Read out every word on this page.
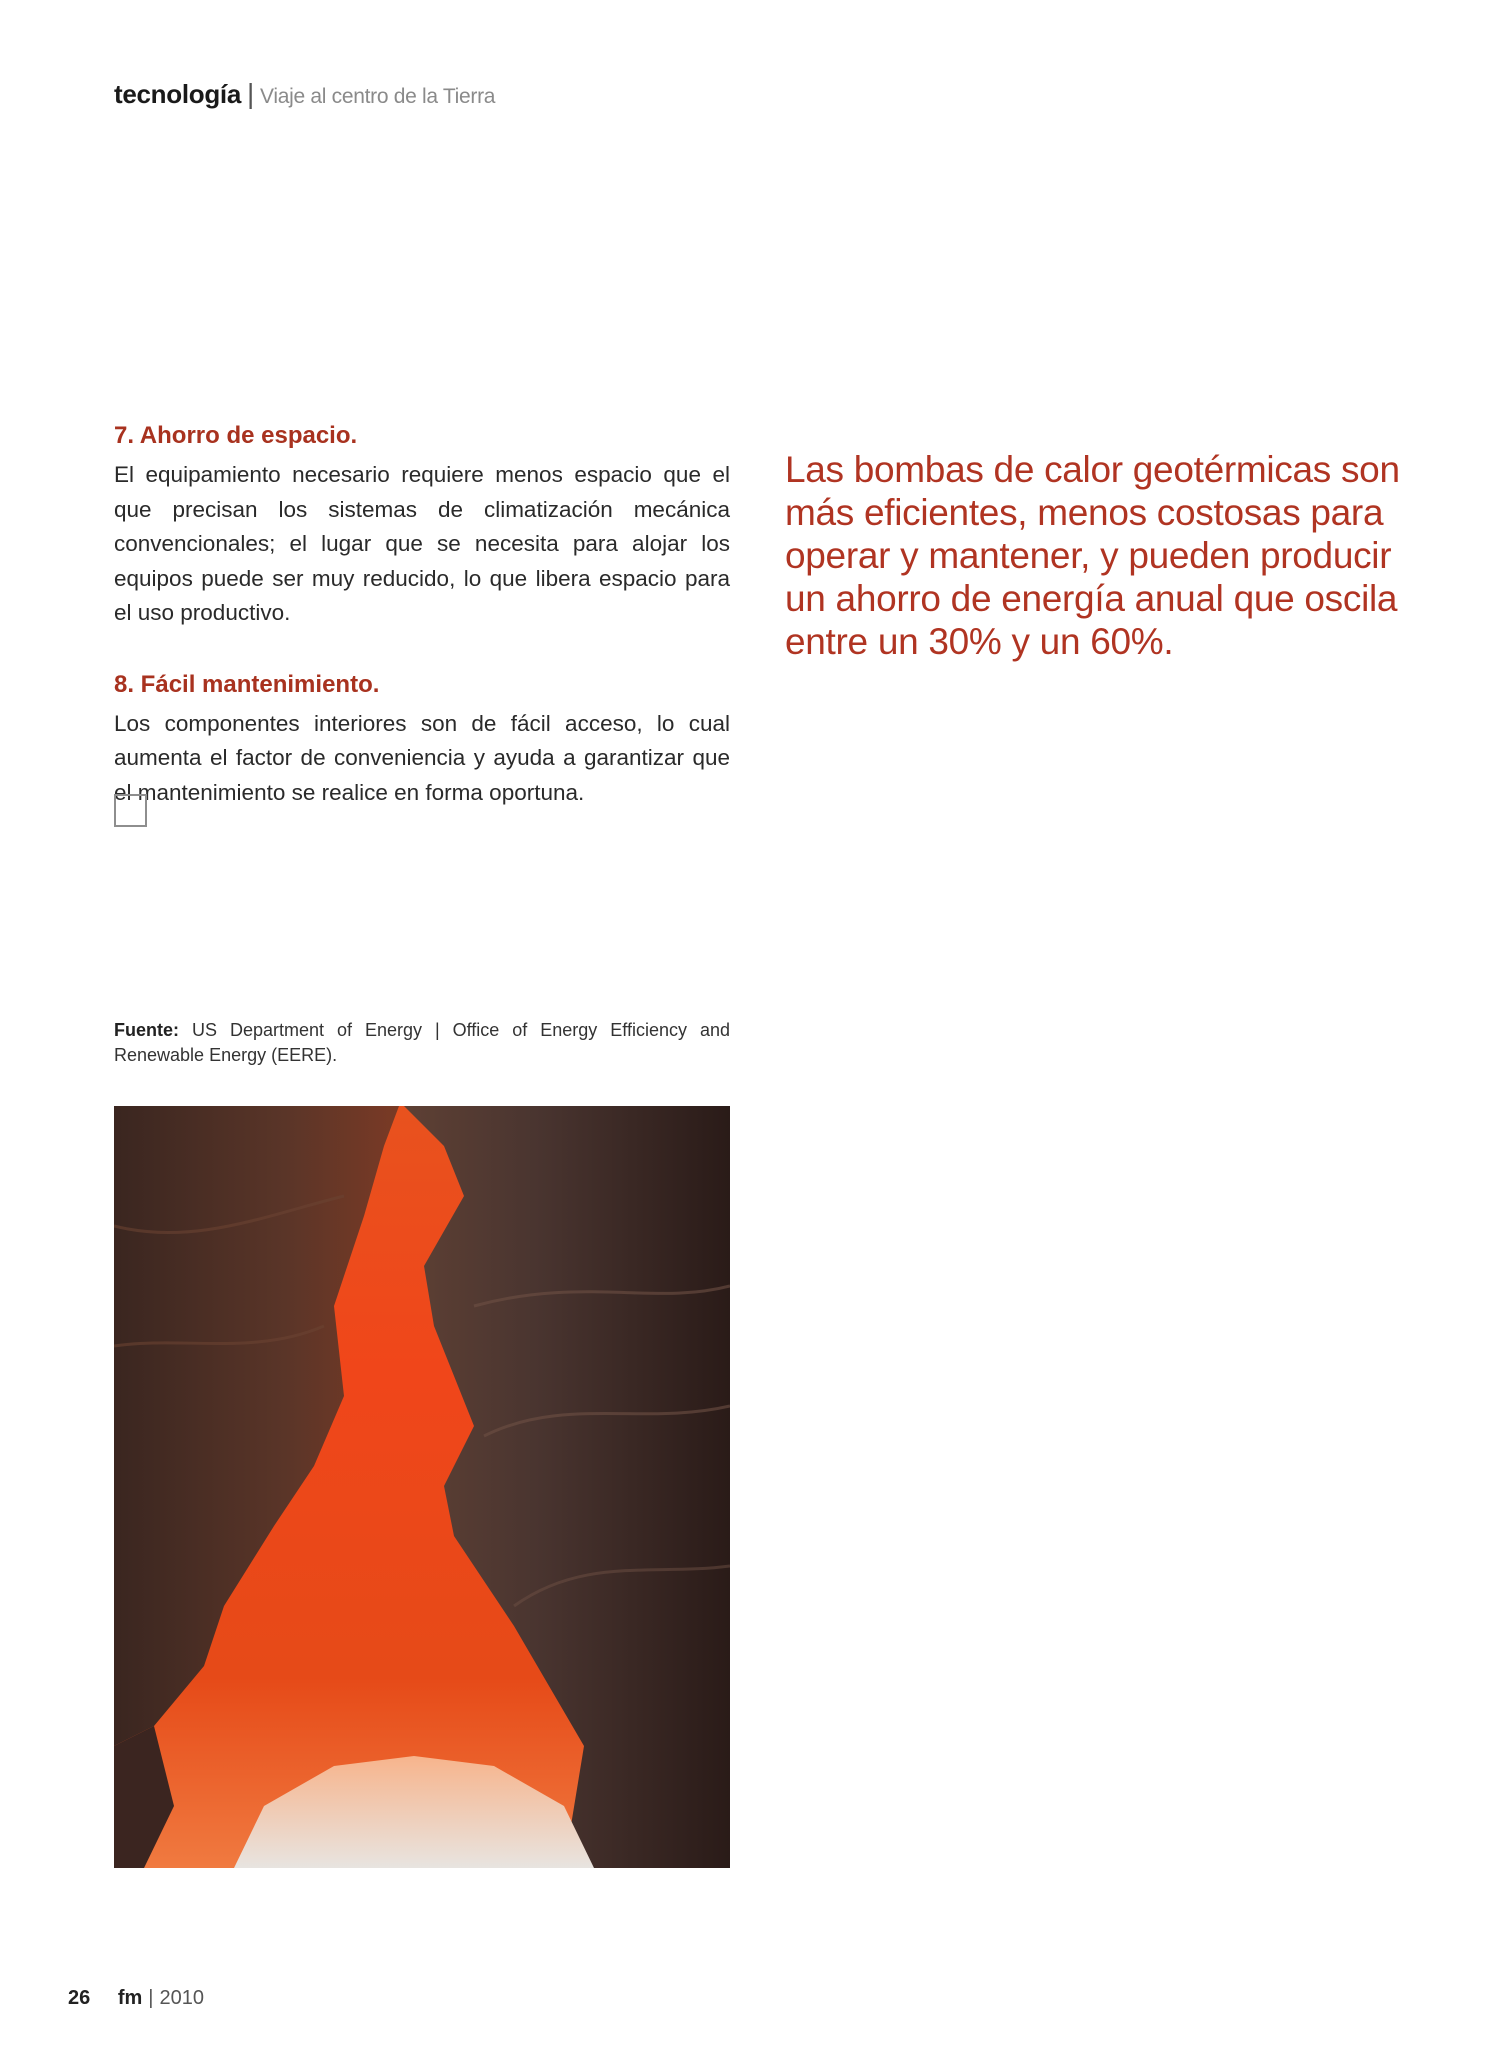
tecnología | Viaje al centro de la Tierra

7. Ahorro de espacio.

El equipamiento necesario requiere menos espacio que el que precisan los sistemas de climatización mecánica convencionales; el lugar que se necesita para alojar los equipos puede ser muy reducido, lo que libera espacio para el uso productivo.

8. Fácil mantenimiento.

Los componentes interiores son de fácil acceso, lo cual aumenta el factor de conveniencia y ayuda a garantizar que el mantenimiento se realice en forma oportuna.

Las bombas de calor geotérmicas son más eficientes, menos costosas para operar y mantener, y pueden producir un ahorro de energía anual que oscila entre un 30% y un 60%.

Fuente: US Department of Energy | Office of Energy Efficiency and Renewable Energy (EERE).
26 fm | 2010
